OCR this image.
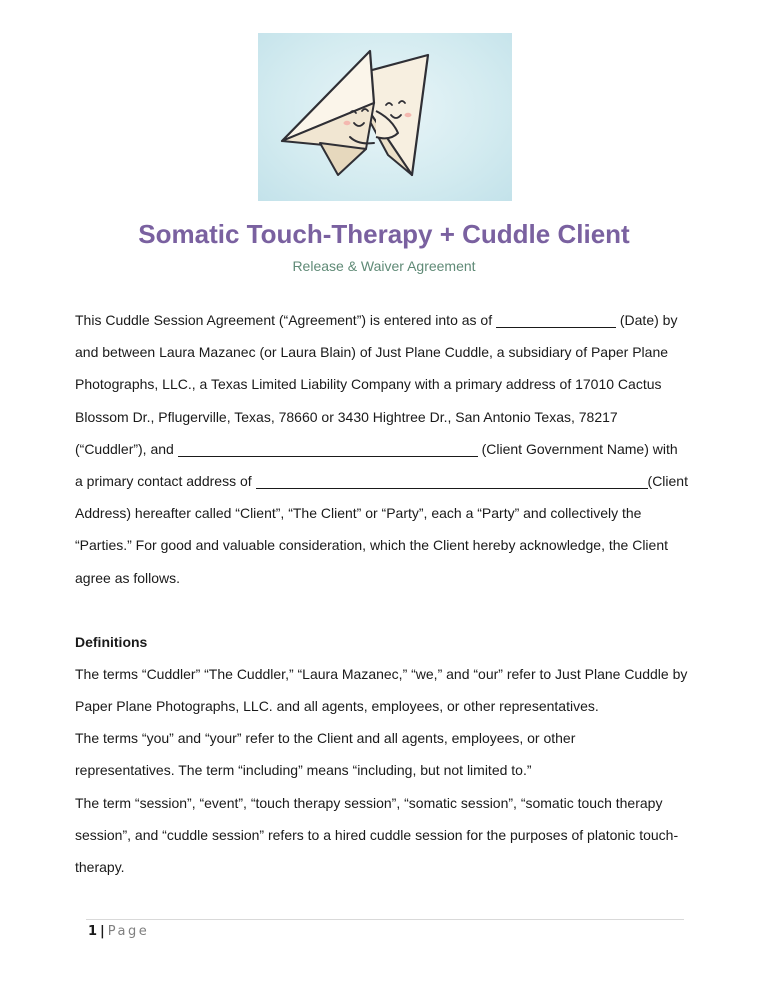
Somatic Touch-Therapy + Cuddle Client
Release & Waiver Agreement
This Cuddle Session Agreement (“Agreement”) is entered into as of	(Date) by
and between Laura Mazanec (or Laura Blain) of Just Plane Cuddle, a subsidiary of Paper Plane
Photographs, LLC., a Texas Limited Liability Company with a primary address of 17010 Cactus
Blossom Dr., Pflugerville, Texas, 78660 or 3430 Hightree Dr., San Antonio Texas, 78217
(“Cuddler”), and	(Client Government Name) with
a primary contact address of	(Client
Address) hereafter called “Client”, “The Client” or “Party”, each a “Party” and collectively the
“Parties.” For good and valuable consideration, which the Client hereby acknowledge, the Client
agree as follows.
Definitions
The terms “Cuddler” “The Cuddler,” “Laura Mazanec,” “we,” and “our” refer to Just Plane Cuddle by
Paper Plane Photographs, LLC. and all agents, employees, or other representatives.
The terms “you” and “your” refer to the Client and all agents, employees, or other
representatives. The term “including” means “including, but not limited to.”
The term “session”, “event”, “touch therapy session”, “somatic session”, “somatic touch therapy
session”, and “cuddle session” refers to a hired cuddle session for the purposes of platonic touch-
therapy.
1 | Page
